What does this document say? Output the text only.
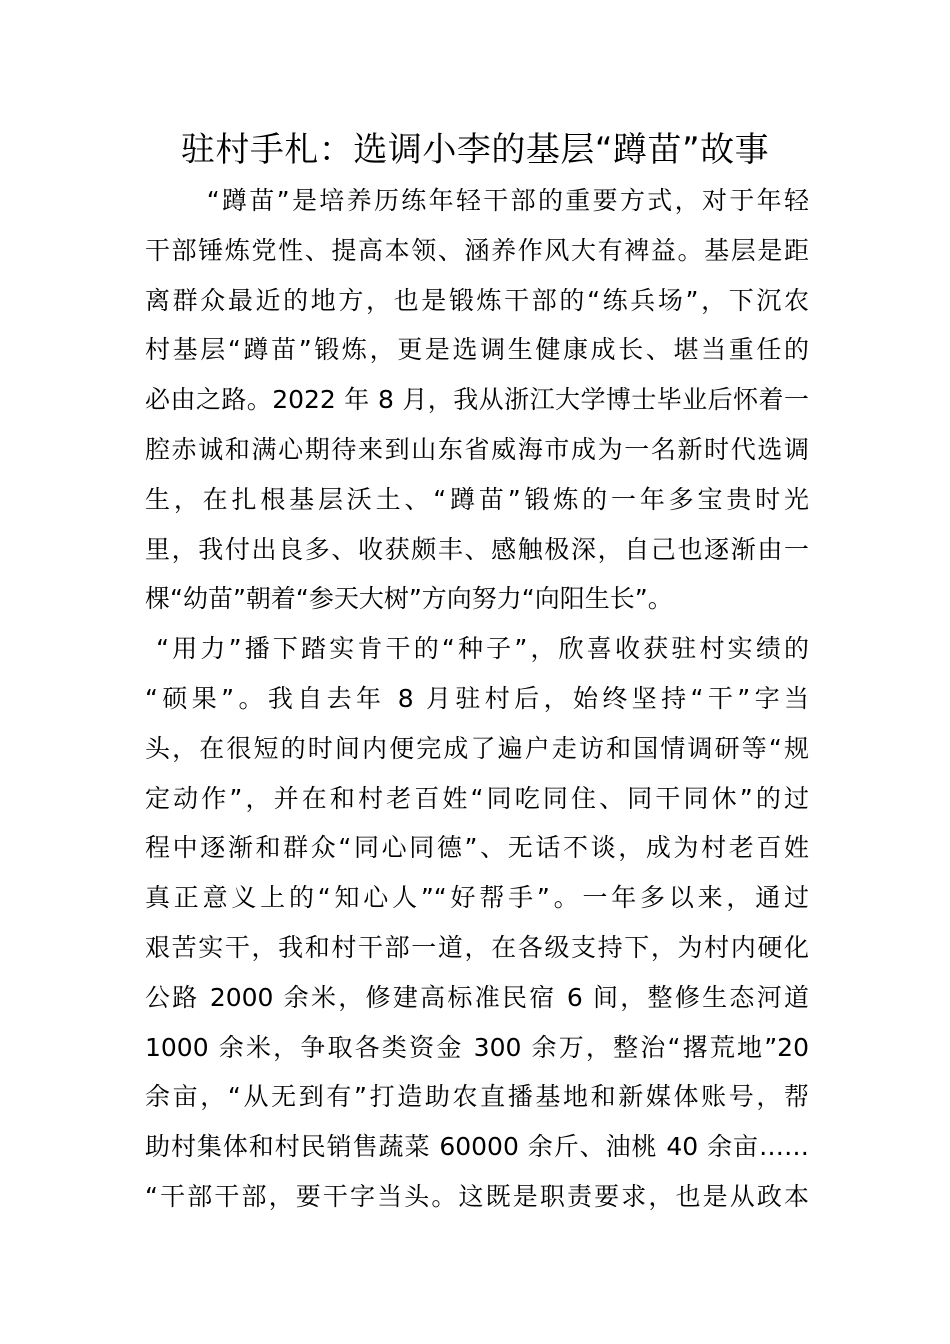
驻村手札：选调小李的基层“蹲苗”故事
“蹲苗”是培养历练年轻干部的重要方式，对于年轻
干部锤炼党性、提高本领、涵养作风大有裨益。基层是距
离群众最近的地方，也是锻炼干部的“练兵场”，下沉农
村基层“蹲苗”锻炼，更是选调生健康成长、堪当重任的
必由之路。2022 年 8 月，我从浙江大学博士毕业后怀着一
腔赤诚和满心期待来到山东省威海市成为一名新时代选调
生，在扎根基层沃土、“蹲苗”锻炼的一年多宝贵时光
里，我付出良多、收获颇丰、感触极深，自己也逐渐由一
棵“幼苗”朝着“参天大树”方向努力“向阳生长”。
“用力”播下踏实肯干的“种子”，欣喜收获驻村实绩的
“硕果”。我自去年 8 月驻村后，始终坚持“干”字当
头，在很短的时间内便完成了遍户走访和国情调研等“规
定动作”，并在和村老百姓“同吃同住、同干同休”的过
程中逐渐和群众“同心同德”、无话不谈，成为村老百姓
真正意义上的“知心人”“好帮手”。一年多以来，通过
艰苦实干，我和村干部一道，在各级支持下，为村内硬化
公路 2000 余米，修建高标准民宿 6 间，整修生态河道
1000 余米，争取各类资金 300 余万，整治“撂荒地”20
余亩，“从无到有”打造助农直播基地和新媒体账号，帮
助村集体和村民销售蔬菜 60000 余斤、油桃 40 余亩……
“干部干部，要干字当头。这既是职责要求，也是从政本
